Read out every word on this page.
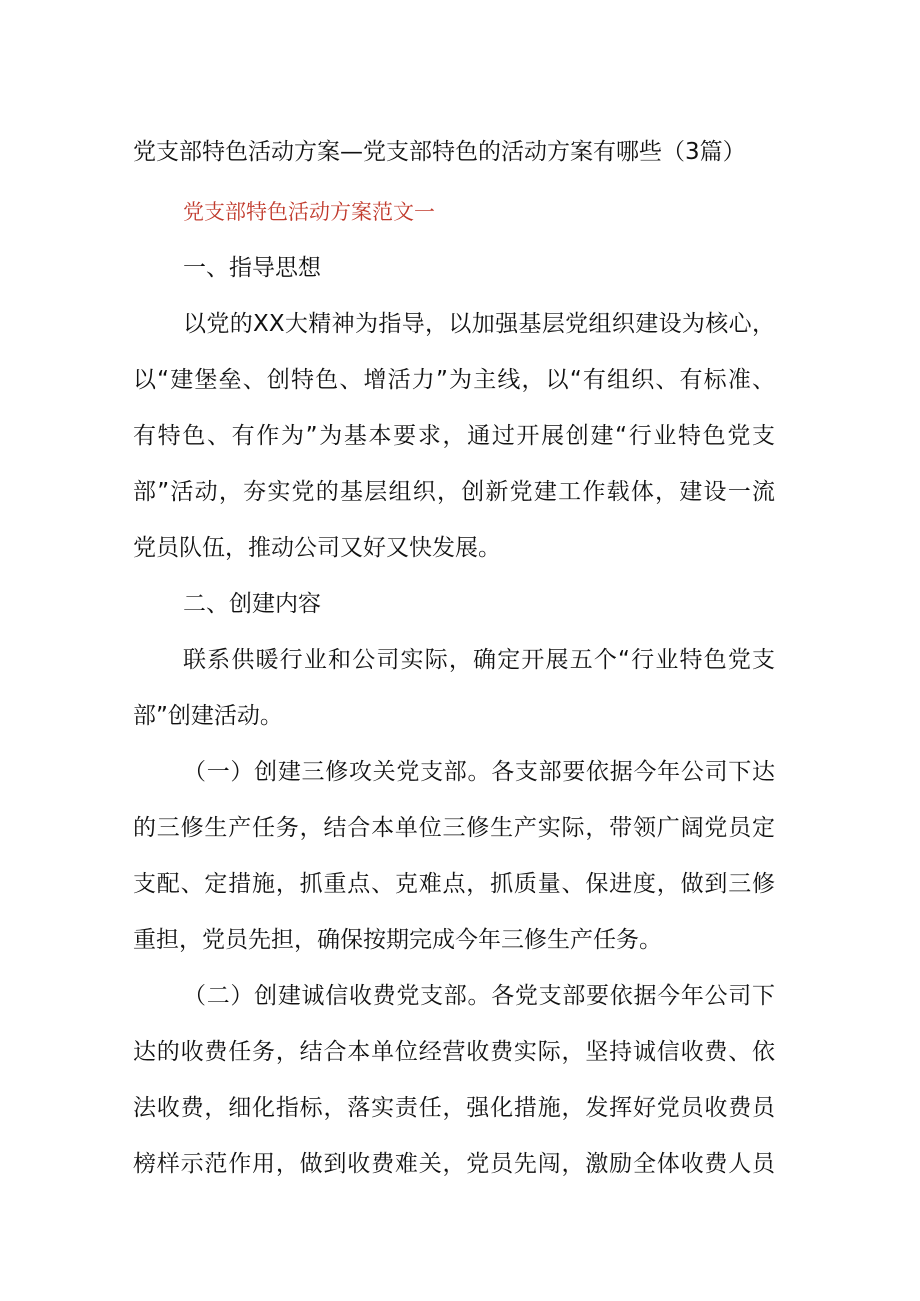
党支部特色活动方案—党支部特色的活动方案有哪些（3篇）
党支部特色活动方案范文一
一、指导思想
以党的XX大精神为指导，以加强基层党组织建设为核心，
以“建堡垒、创特色、增活力”为主线，以“有组织、有标准、
有特色、有作为”为基本要求，通过开展创建“行业特色党支
部”活动，夯实党的基层组织，创新党建工作载体，建设一流
党员队伍，推动公司又好又快发展。
二、创建内容
联系供暖行业和公司实际，确定开展五个“行业特色党支
部”创建活动。
（一）创建三修攻关党支部。各支部要依据今年公司下达
的三修生产任务，结合本单位三修生产实际，带领广阔党员定
支配、定措施，抓重点、克难点，抓质量、保进度，做到三修
重担，党员先担，确保按期完成今年三修生产任务。
（二）创建诚信收费党支部。各党支部要依据今年公司下
达的收费任务，结合本单位经营收费实际，坚持诚信收费、依
法收费，细化指标，落实责任，强化措施，发挥好党员收费员
榜样示范作用，做到收费难关，党员先闯，激励全体收费人员
